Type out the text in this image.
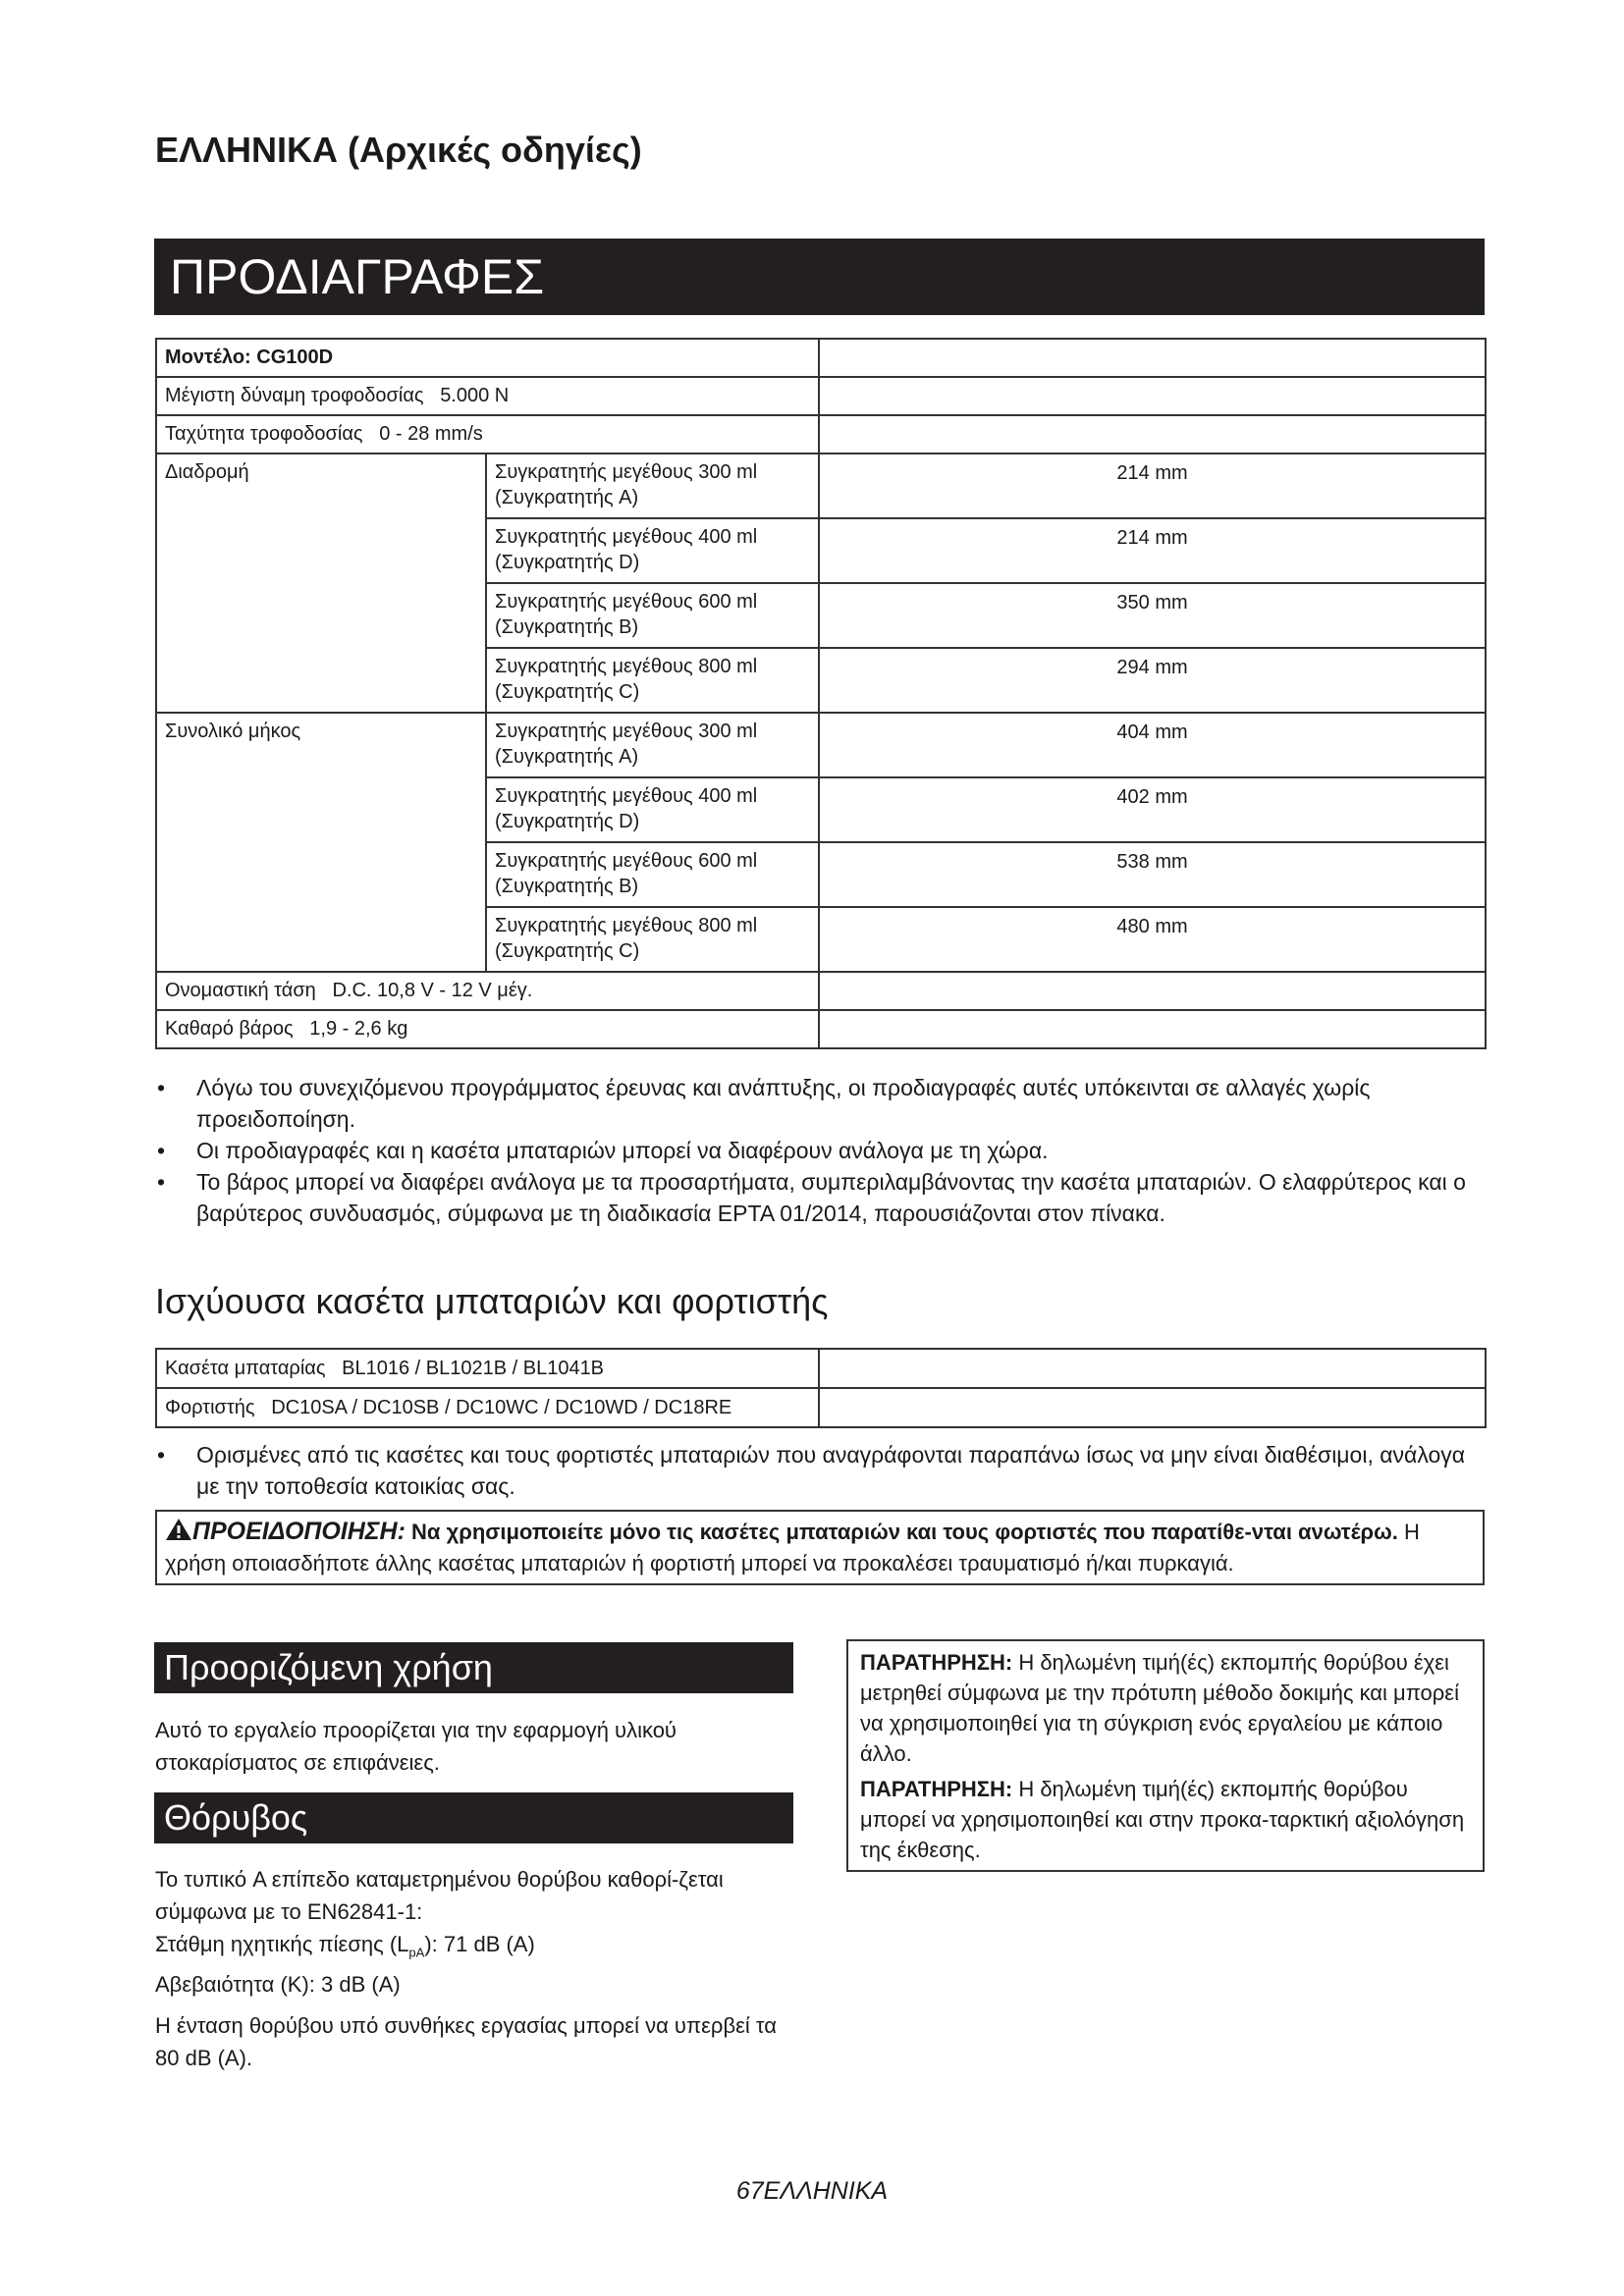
ΕΛΛΗΝΙΚΑ (Αρχικές οδηγίες)
ΠΡΟΔΙΑΓΡΑΦΕΣ
Μοντέλο: CG100D		
Μέγιστη δύναμη τροφοδοσίας 5.000 N		
Ταχύτητα τροφοδοσίας 0 - 28 mm/s		
Διαδρομή	Συγκρατητής μεγέθους 300 ml
(Συγκρατητής A)	214 mm

	Συγκρατητής μεγέθους 400 ml
(Συγκρατητής D)	214 mm

	Συγκρατητής μεγέθους 600 ml
(Συγκρατητής B)	350 mm

	Συγκρατητής μεγέθους 800 ml
(Συγκρατητής C)	294 mm
Συνολικό μήκος	Συγκρατητής μεγέθους 300 ml
(Συγκρατητής A)	404 mm

	Συγκρατητής μεγέθους 400 ml
(Συγκρατητής D)	402 mm

	Συγκρατητής μεγέθους 600 ml
(Συγκρατητής B)	538 mm

	Συγκρατητής μεγέθους 800 ml
(Συγκρατητής C)	480 mm
Ονομαστική τάση D.C. 10,8 V - 12 V μέγ.		
Καθαρό βάρος 1,9 - 2,6 kg		
• Λόγω του συνεχιζόμενου προγράμματος έρευνας και ανάπτυξης, οι προδιαγραφές αυτές υπόκεινται σε αλλαγές χωρίς προειδοποίηση.
• Οι προδιαγραφές και η κασέτα μπαταριών μπορεί να διαφέρουν ανάλογα με τη χώρα.
• Το βάρος μπορεί να διαφέρει ανάλογα με τα προσαρτήματα, συμπεριλαμβάνοντας την κασέτα μπαταριών. Ο ελαφρύτερος και ο βαρύτερος συνδυασμός, σύμφωνα με τη διαδικασία EPTA 01/2014, παρουσιάζονται στον πίνακα.
Ισχύουσα κασέτα μπαταριών και φορτιστής
Κασέτα μπαταρίας BL1016 / BL1021B / BL1041B	
Φορτιστής DC10SA / DC10SB / DC10WC / DC10WD / DC18RE	
• Ορισμένες από τις κασέτες και τους φορτιστές μπαταριών που αναγράφονται παραπάνω ίσως να μην είναι διαθέσιμοι, ανάλογα με την τοποθεσία κατοικίας σας.
ΠΡΟΕΙΔΟΠΟΙΗΣΗ: Να χρησιμοποιείτε μόνο τις κασέτες μπαταριών και τους φορτιστές που παρατίθε-νται ανωτέρω. Η χρήση οποιασδήποτε άλλης κασέτας μπαταριών ή φορτιστή μπορεί να προκαλέσει τραυματισμό ή/και πυρκαγιά.
Προοριζόμενη χρήση

Αυτό το εργαλείο προορίζεται για την εφαρμογή υλικού στοκαρίσματος σε επιφάνειες.

Θόρυβος
Το τυπικό A επίπεδο καταμετρημένου θορύβου καθορί-ζεται σύμφωνα με το EN62841-1:
Στάθμη ηχητικής πίεσης $(L_{pA})$: 71 dB (A)
Αβεβαιότητα (K): 3 dB (A)
Η ένταση θορύβου υπό συνθήκες εργασίας μπορεί να υπερβεί τα 80 dB (A).
ΠΑΡΑΤΗΡΗΣΗ: Η δηλωμένη τιμή(ές) εκπομπής θορύβου έχει μετρηθεί σύμφωνα με την πρότυπη μέθοδο δοκιμής και μπορεί να χρησιμοποιηθεί για τη σύγκριση ενός εργαλείου με κάποιο άλλο.
ΠΑΡΑΤΗΡΗΣΗ: Η δηλωμένη τιμή(ές) εκπομπής θορύβου μπορεί να χρησιμοποιηθεί και στην προκα-ταρκτική αξιολόγηση της έκθεσης.
67ΕΛΛΗΝΙΚΑ
